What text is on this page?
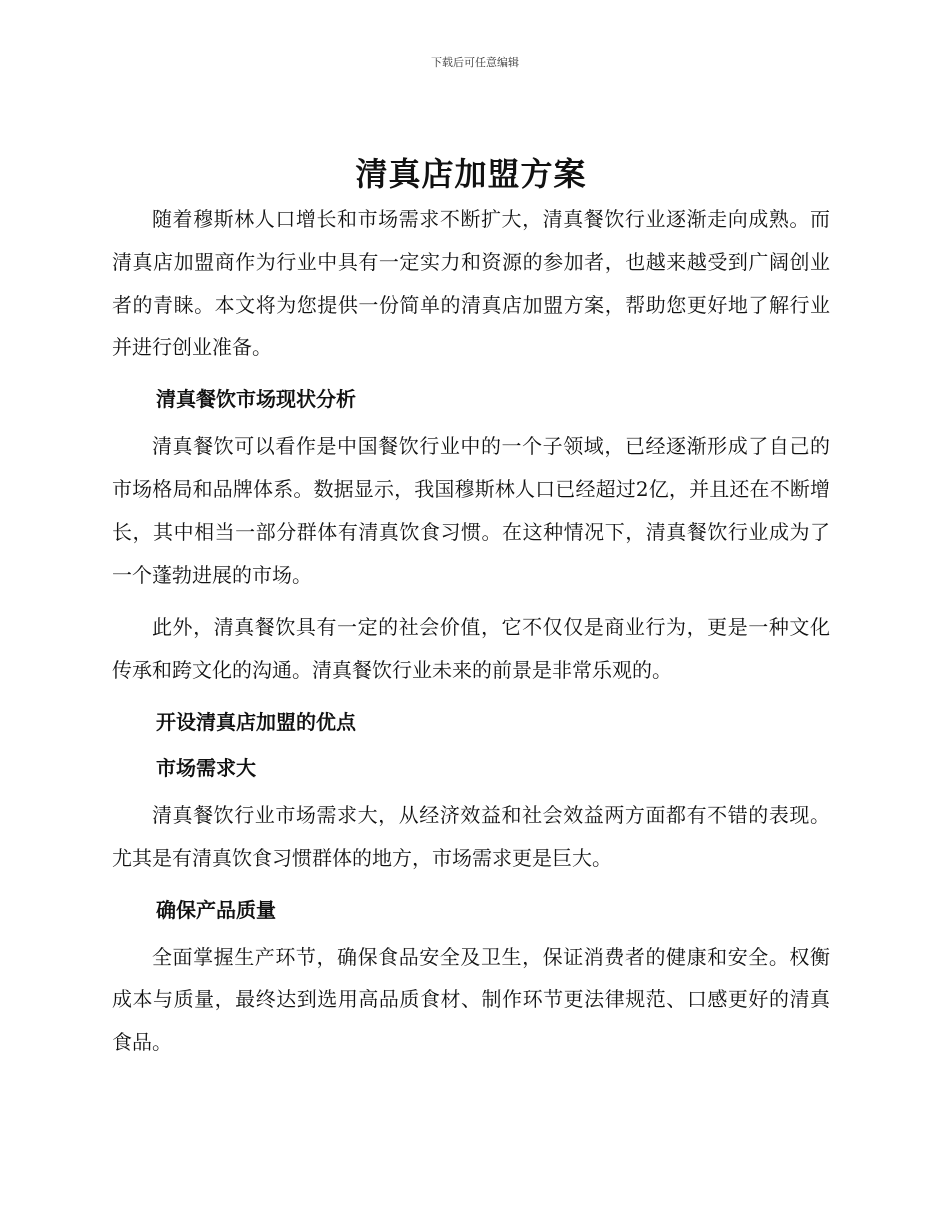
下载后可任意编辑
清真店加盟方案

随着穆斯林人口增长和市场需求不断扩大，清真餐饮行业逐渐走向成熟。而清真店加盟商作为行业中具有一定实力和资源的参加者，也越来越受到广阔创业者的青睐。本文将为您提供一份简单的清真店加盟方案，帮助您更好地了解行业并进行创业准备。

清真餐饮市场现状分析

清真餐饮可以看作是中国餐饮行业中的一个子领域，已经逐渐形成了自己的市场格局和品牌体系。数据显示，我国穆斯林人口已经超过2亿，并且还在不断增长，其中相当一部分群体有清真饮食习惯。在这种情况下，清真餐饮行业成为了一个蓬勃进展的市场。

此外，清真餐饮具有一定的社会价值，它不仅仅是商业行为，更是一种文化传承和跨文化的沟通。清真餐饮行业未来的前景是非常乐观的。

开设清真店加盟的优点
市场需求大

清真餐饮行业市场需求大，从经济效益和社会效益两方面都有不错的表现。尤其是有清真饮食习惯群体的地方，市场需求更是巨大。

确保产品质量

全面掌握生产环节，确保食品安全及卫生，保证消费者的健康和安全。权衡成本与质量，最终达到选用高品质食材、制作环节更法律规范、口感更好的清真食品。
